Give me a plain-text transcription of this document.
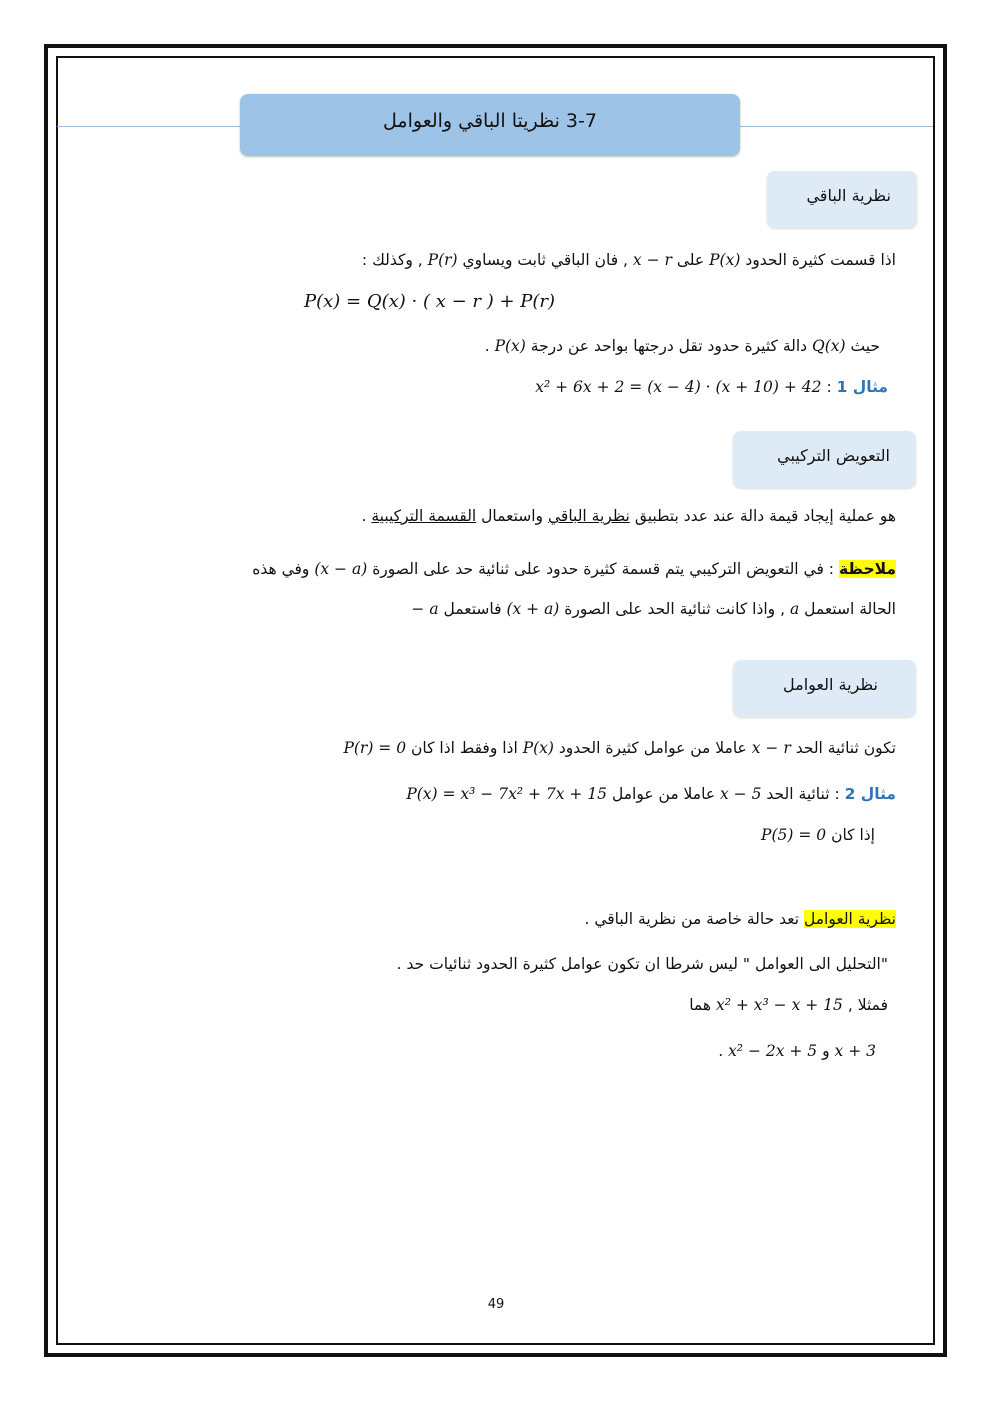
3-7 نظريتا الباقي والعوامل
نظرية الباقي
اذا قسمت كثيرة الحدود P(x) على x − r , فان الباقي ثابت ويساوي P(r) , وكذلك :
P(x) = Q(x) · ( x − r ) + P(r)
حيث Q(x) دالة كثيرة حدود تقل درجتها بواحد عن درجة P(x) .
مثال 1 : x² + 6x + 2 = (x − 4) · (x + 10) + 42
التعويض التركيبي
هو عملية إيجاد قيمة دالة عند عدد بتطبيق نظرية الباقي واستعمال القسمة التركيبية .
ملاحظة : في التعويض التركيبي يتم قسمة كثيرة حدود على ثنائية حد على الصورة (x − a) وفي هذه
الحالة استعمل a , واذا كانت ثنائية الحد على الصورة (x + a) فاستعمل − a
نظرية العوامل
تكون ثنائية الحد x − r عاملا من عوامل كثيرة الحدود P(x) اذا وفقط اذا كان P(r) = 0
مثال 2 : ثنائية الحد x − 5 عاملا من عوامل P(x) = x³ − 7x² + 7x + 15
إذا كان P(5) = 0
نظرية العوامل تعد حالة خاصة من نظرية الباقي .
"التحليل الى العوامل " ليس شرطا ان تكون عوامل كثيرة الحدود ثنائيات حد .
فمثلا , x² + x³ − x + 15 هما
x + 3 و x² − 2x + 5 .
49
